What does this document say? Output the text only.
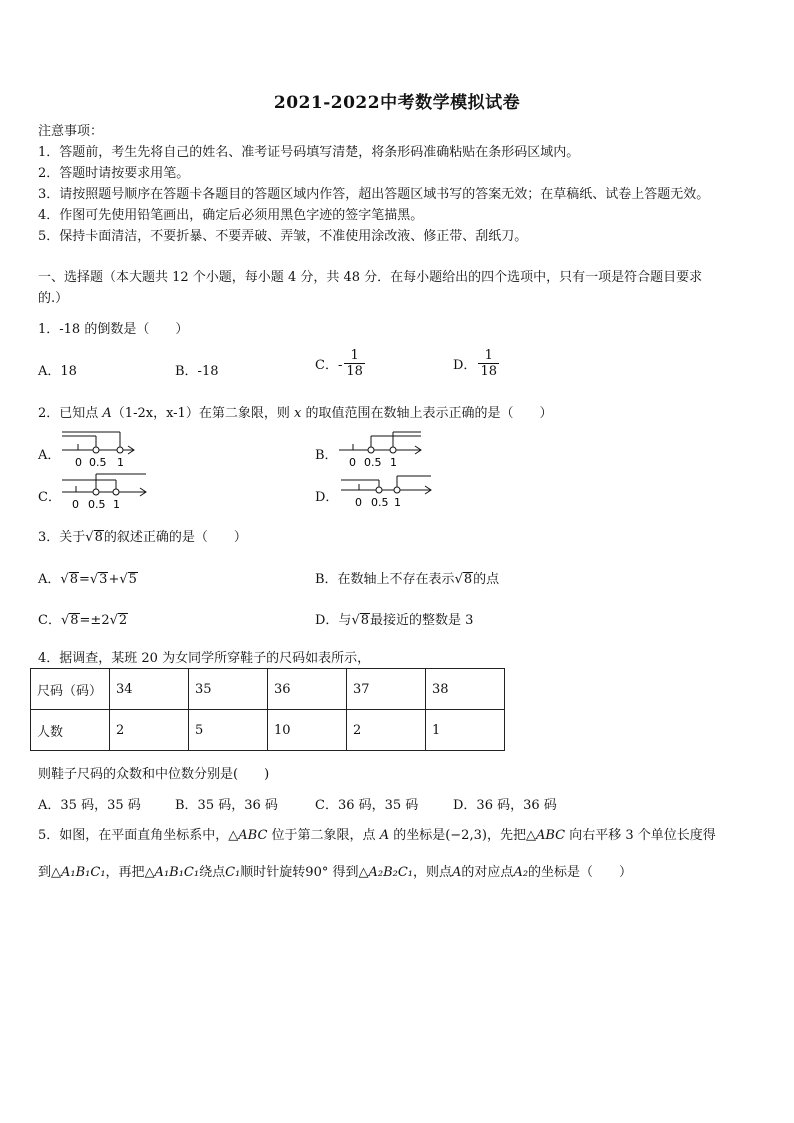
2021-2022中考数学模拟试卷
注意事项：
1．答题前，考生先将自己的姓名、准考证号码填写清楚，将条形码准确粘贴在条形码区域内。
2．答题时请按要求用笔。
3．请按照题号顺序在答题卡各题目的答题区域内作答，超出答题区域书写的答案无效；在草稿纸、试卷上答题无效。
4．作图可先使用铅笔画出，确定后必须用黑色字迹的签字笔描黑。
5．保持卡面清洁，不要折暴、不要弄破、弄皱，不准使用涂改液、修正带、刮纸刀。
一、选择题（本大题共 12 个小题，每小题 4 分，共 48 分．在每小题给出的四个选项中，只有一项是符合题目要求
的.）
1．-18 的倒数是（　　）
A．18	B．-18	C．- $\frac{1}{18}$	D． $\frac{1}{18}$
2．已知点 A（1-2x，x-1）在第二象限，则 x 的取值范围在数轴上表示正确的是（　　）
A． 0 0.5 1	B． 0 0.5 1
C． 0 0.5 1	D． 0 0.5 1
3．关于√8的叙述正确的是（　　）
A．√8=√3+√5	B．在数轴上不存在表示√8的点
C．√8=±2√2	D．与√8最接近的整数是 3
4．据调查，某班 20 为女同学所穿鞋子的尺码如表所示，
尺码（码）	34	35	36	37	38
人数	2	5	10	2	1
则鞋子尺码的众数和中位数分别是(　　)
A．35 码，35 码	B．35 码，36 码	C．36 码，35 码	D．36 码，36 码
5．如图，在平面直角坐标系中，△ABC 位于第二象限，点 A 的坐标是(−2,3)，先把△ABC 向右平移 3 个单位长度得
到△A₁B₁C₁，再把△A₁B₁C₁绕点C₁顺时针旋转90° 得到△A₂B₂C₁，则点A的对应点A₂的坐标是（　　）
